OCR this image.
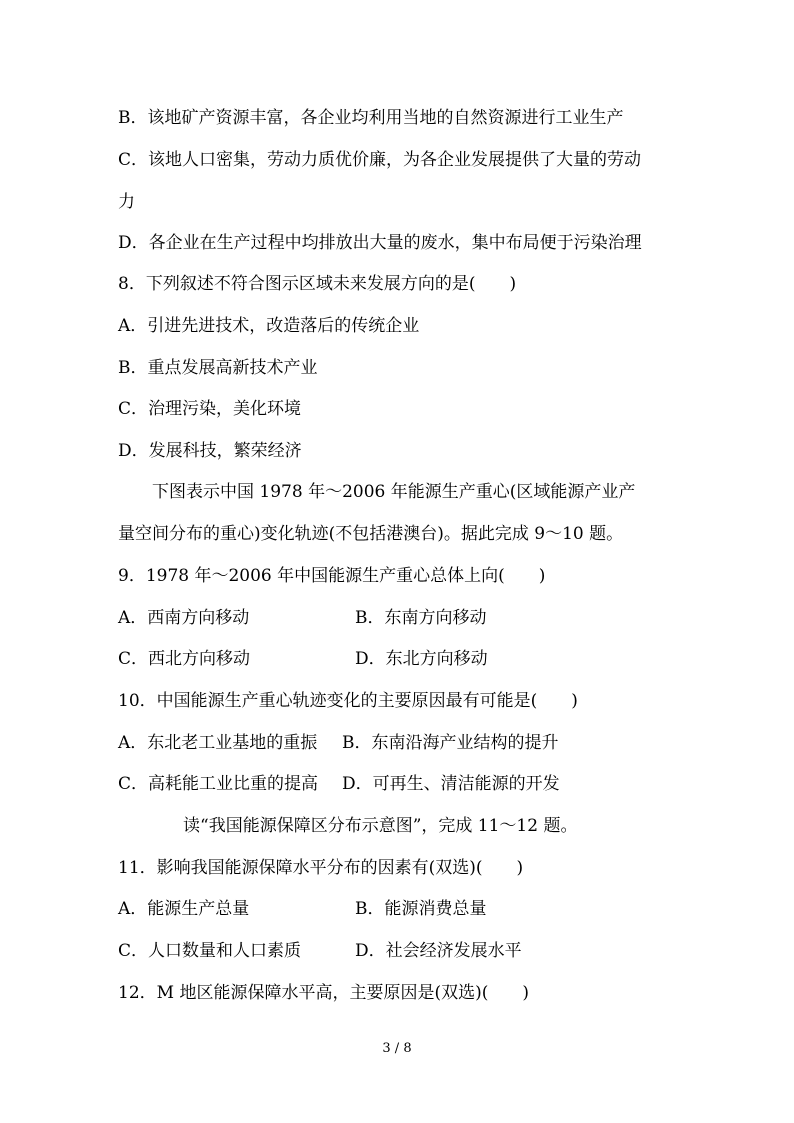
B．该地矿产资源丰富，各企业均利用当地的自然资源进行工业生产
C．该地人口密集，劳动力质优价廉，为各企业发展提供了大量的劳动
力
D．各企业在生产过程中均排放出大量的废水，集中布局便于污染治理
8．下列叙述不符合图示区域未来发展方向的是(　　)
A．引进先进技术，改造落后的传统企业
B．重点发展高新技术产业
C．治理污染，美化环境
D．发展科技，繁荣经济
下图表示中国 1978 年～2006 年能源生产重心(区域能源产业产
量空间分布的重心)变化轨迹(不包括港澳台)。据此完成 9～10 题。
9．1978 年～2006 年中国能源生产重心总体上向(　　)
A．西南方向移动	B．东南方向移动
C．西北方向移动	D．东北方向移动
10．中国能源生产重心轨迹变化的主要原因最有可能是(　　)
A．东北老工业基地的重振 B．东南沿海产业结构的提升
C．高耗能工业比重的提高 D．可再生、清洁能源的开发
读“我国能源保障区分布示意图”，完成 11～12 题。
11．影响我国能源保障水平分布的因素有(双选)(　　)
A．能源生产总量	B．能源消费总量
C．人口数量和人口素质	D．社会经济发展水平
12．M 地区能源保障水平高，主要原因是(双选)(　　)
3 / 8
